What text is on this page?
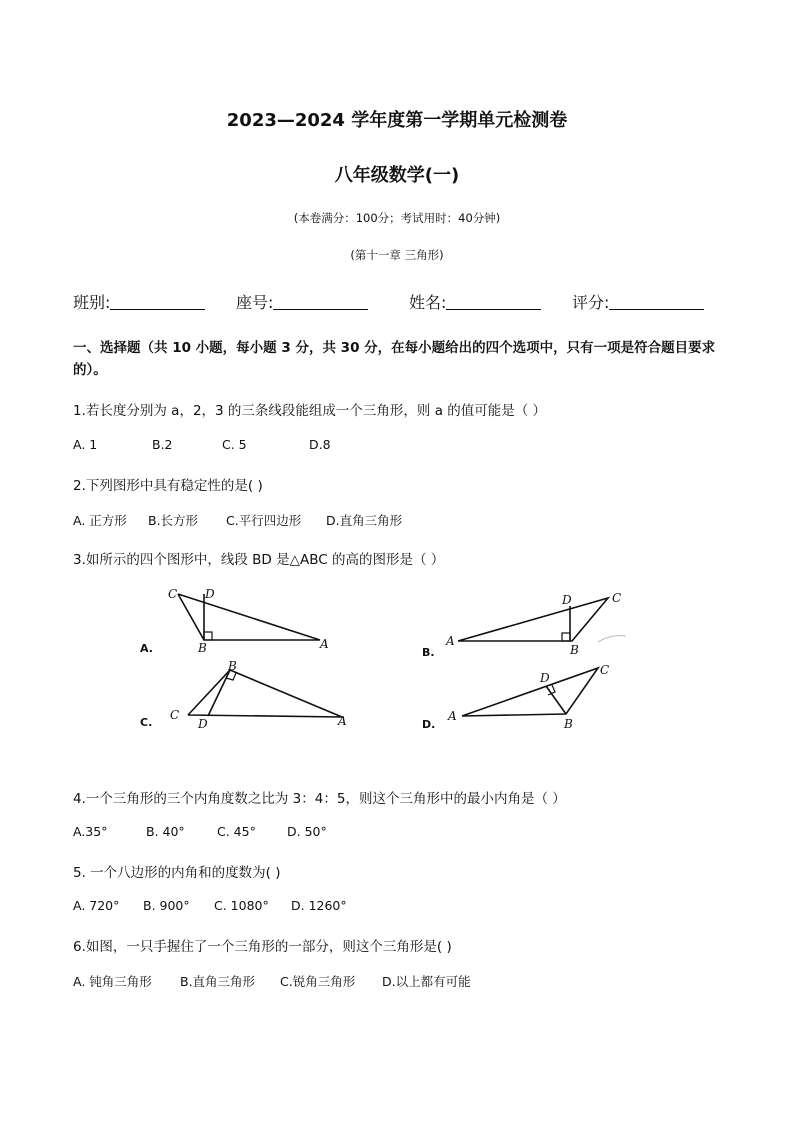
2023—2024 学年度第一学期单元检测卷
八年级数学(一)
(本卷满分：100分；考试用时：40分钟)
(第十一章 三角形)
班别:	座号:	姓名:	评分:
一、选择题（共 10 小题，每小题 3 分，共 30 分，在每小题给出的四个选项中，只有一项是符合题目要求的）。
1.若长度分别为 a，2，3 的三条线段能组成一个三角形，则 a 的值可能是（ ）
A. 1	B.2	C. 5	D.8
2.下列图形中具有稳定性的是( )
A. 正方形 B.长方形 C.平行四边形 D.直角三角形
3.如所示的四个图形中，线段 BD 是△ABC 的高的图形是（ ）
C D
B	A
A.
A
D	C
B
B.
B
C
D	A
C.	A
D
C
B
D.
4.一个三角形的三个内角度数之比为 3：4：5，则这个三角形中的最小内角是（ ）
A.35°	B. 40°	C. 45° D. 50°
5. 一个八边形的内角和的度数为( )
A. 720° B. 900° C. 1080° D. 1260°
6.如图，一只手握住了一个三角形的一部分，则这个三角形是( )
A. 钝角三角形 B.直角三角形 C.锐角三角形 D.以上都有可能
